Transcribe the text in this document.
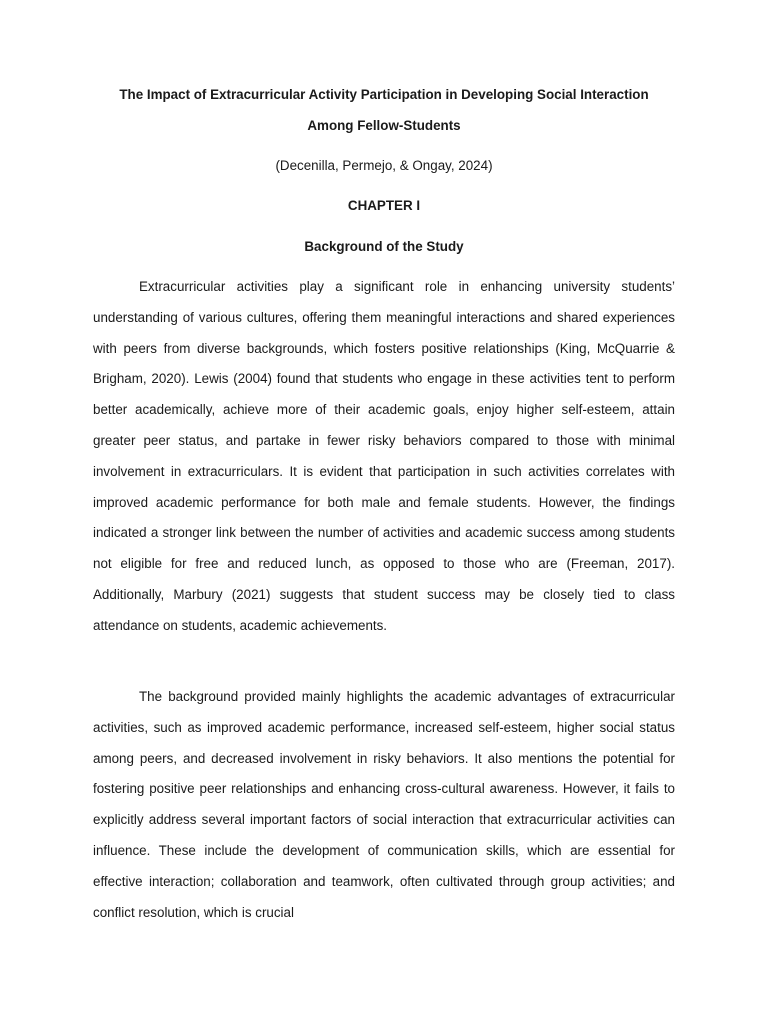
The Impact of Extracurricular Activity Participation in Developing Social Interaction
Among Fellow-Students
(Decenilla, Permejo, & Ongay, 2024)
CHAPTER I
Background of the Study

Extracurricular activities play a significant role in enhancing university students’ understanding of various cultures, offering them meaningful interactions and shared experiences with peers from diverse backgrounds, which fosters positive relationships (King, McQuarrie & Brigham, 2020). Lewis (2004) found that students who engage in these activities tent to perform better academically, achieve more of their academic goals, enjoy higher self-esteem, attain greater peer status, and partake in fewer risky behaviors compared to those with minimal involvement in extracurriculars. It is evident that participation in such activities correlates with improved academic performance for both male and female students. However, the findings indicated a stronger link between the number of activities and academic success among students not eligible for free and reduced lunch, as opposed to those who are (Freeman, 2017). Additionally, Marbury (2021) suggests that student success may be closely tied to class attendance on students, academic achievements.

The background provided mainly highlights the academic advantages of extracurricular activities, such as improved academic performance, increased self-esteem, higher social status among peers, and decreased involvement in risky behaviors. It also mentions the potential for fostering positive peer relationships and enhancing cross-cultural awareness. However, it fails to explicitly address several important factors of social interaction that extracurricular activities can influence. These include the development of communication skills, which are essential for effective interaction; collaboration and teamwork, often cultivated through group activities; and conflict resolution, which is crucial
